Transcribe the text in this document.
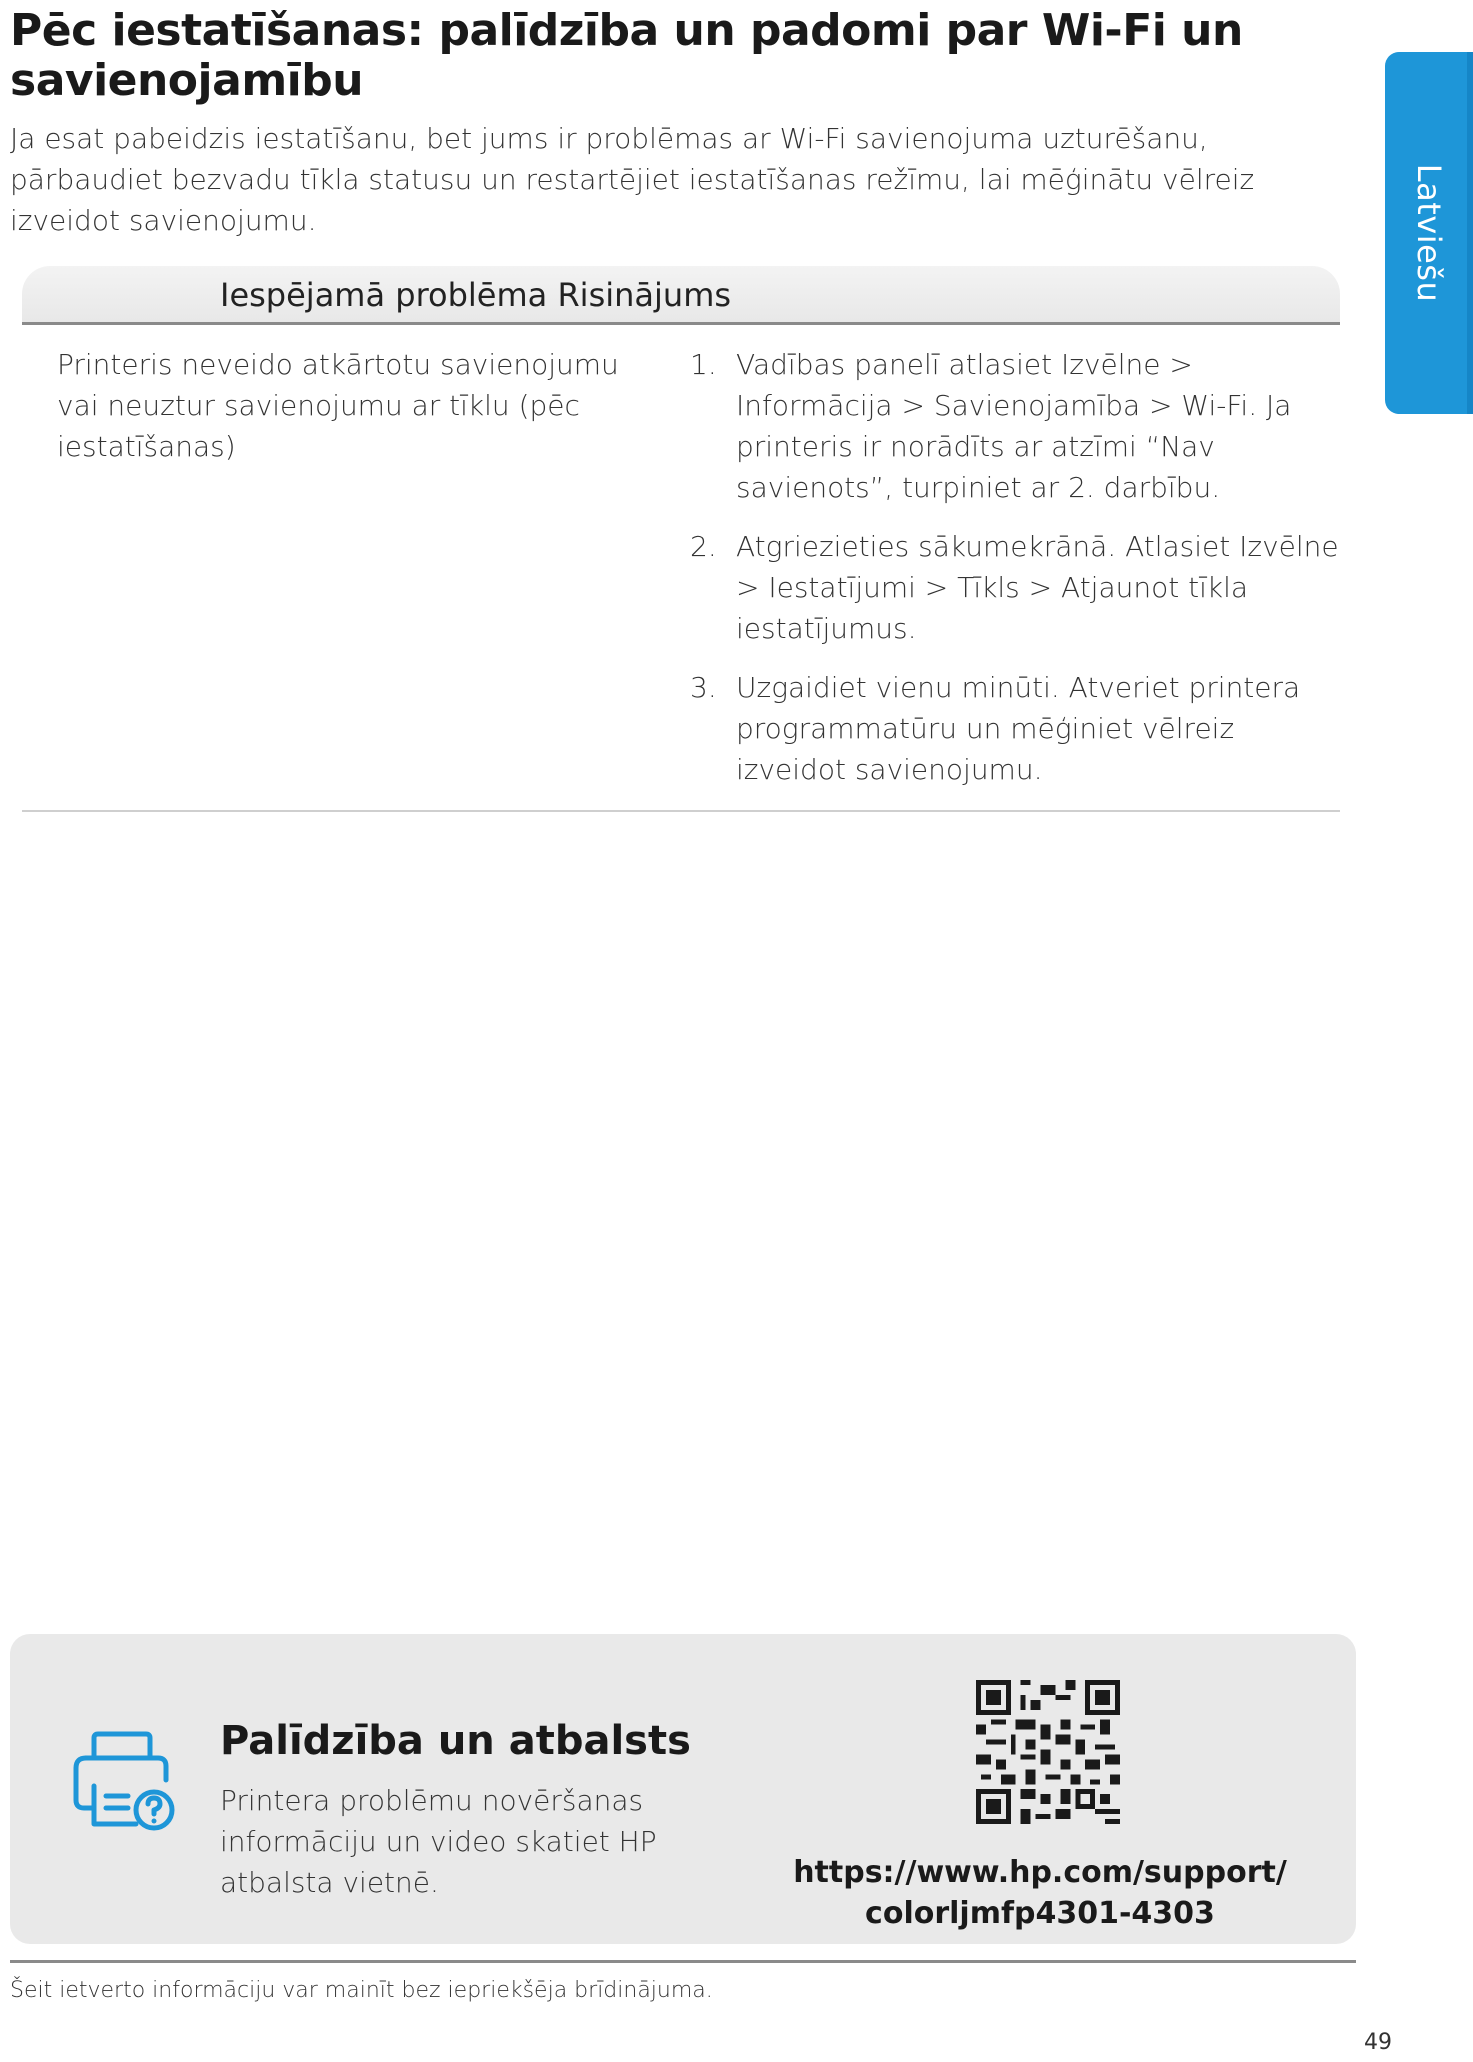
Pēc iestatīšanas: palīdzība un padomi par Wi-Fi un savienojamību

Ja esat pabeidzis iestatīšanu, bet jums ir problēmas ar Wi-Fi savienojuma uzturēšanu, pārbaudiet bezvadu tīkla statusu un restartējiet iestatīšanas režīmu, lai mēģinātu vēlreiz izveidot savienojumu.	Latviešu
Iespējamā problēma Risinājums

Printeris neveido atkārtotu savienojumu vai neuztur savienojumu ar tīklu (pēc iestatīšanas)

1. Vadības panelī atlasiet Izvēlne > Informācija > Savienojamība > Wi-Fi. Ja printeris ir norādīts ar atzīmi “Nav savienots”, turpiniet ar 2. darbību.
2. Atgriezieties sākumekrānā. Atlasiet Izvēlne > Iestatījumi > Tīkls > Atjaunot tīkla iestatījumus.
3. Uzgaidiet vienu minūti. Atveriet printera programmatūru un mēģiniet vēlreiz izveidot savienojumu.
Palīdzība un atbalsts

Printera problēmu novēršanas informāciju un video skatiet HP atbalsta vietnē.	https://www.hp.com/support/ colorljmfp4301-4303

Šeit ietverto informāciju var mainīt bez iepriekšēja brīdinājuma.

49
